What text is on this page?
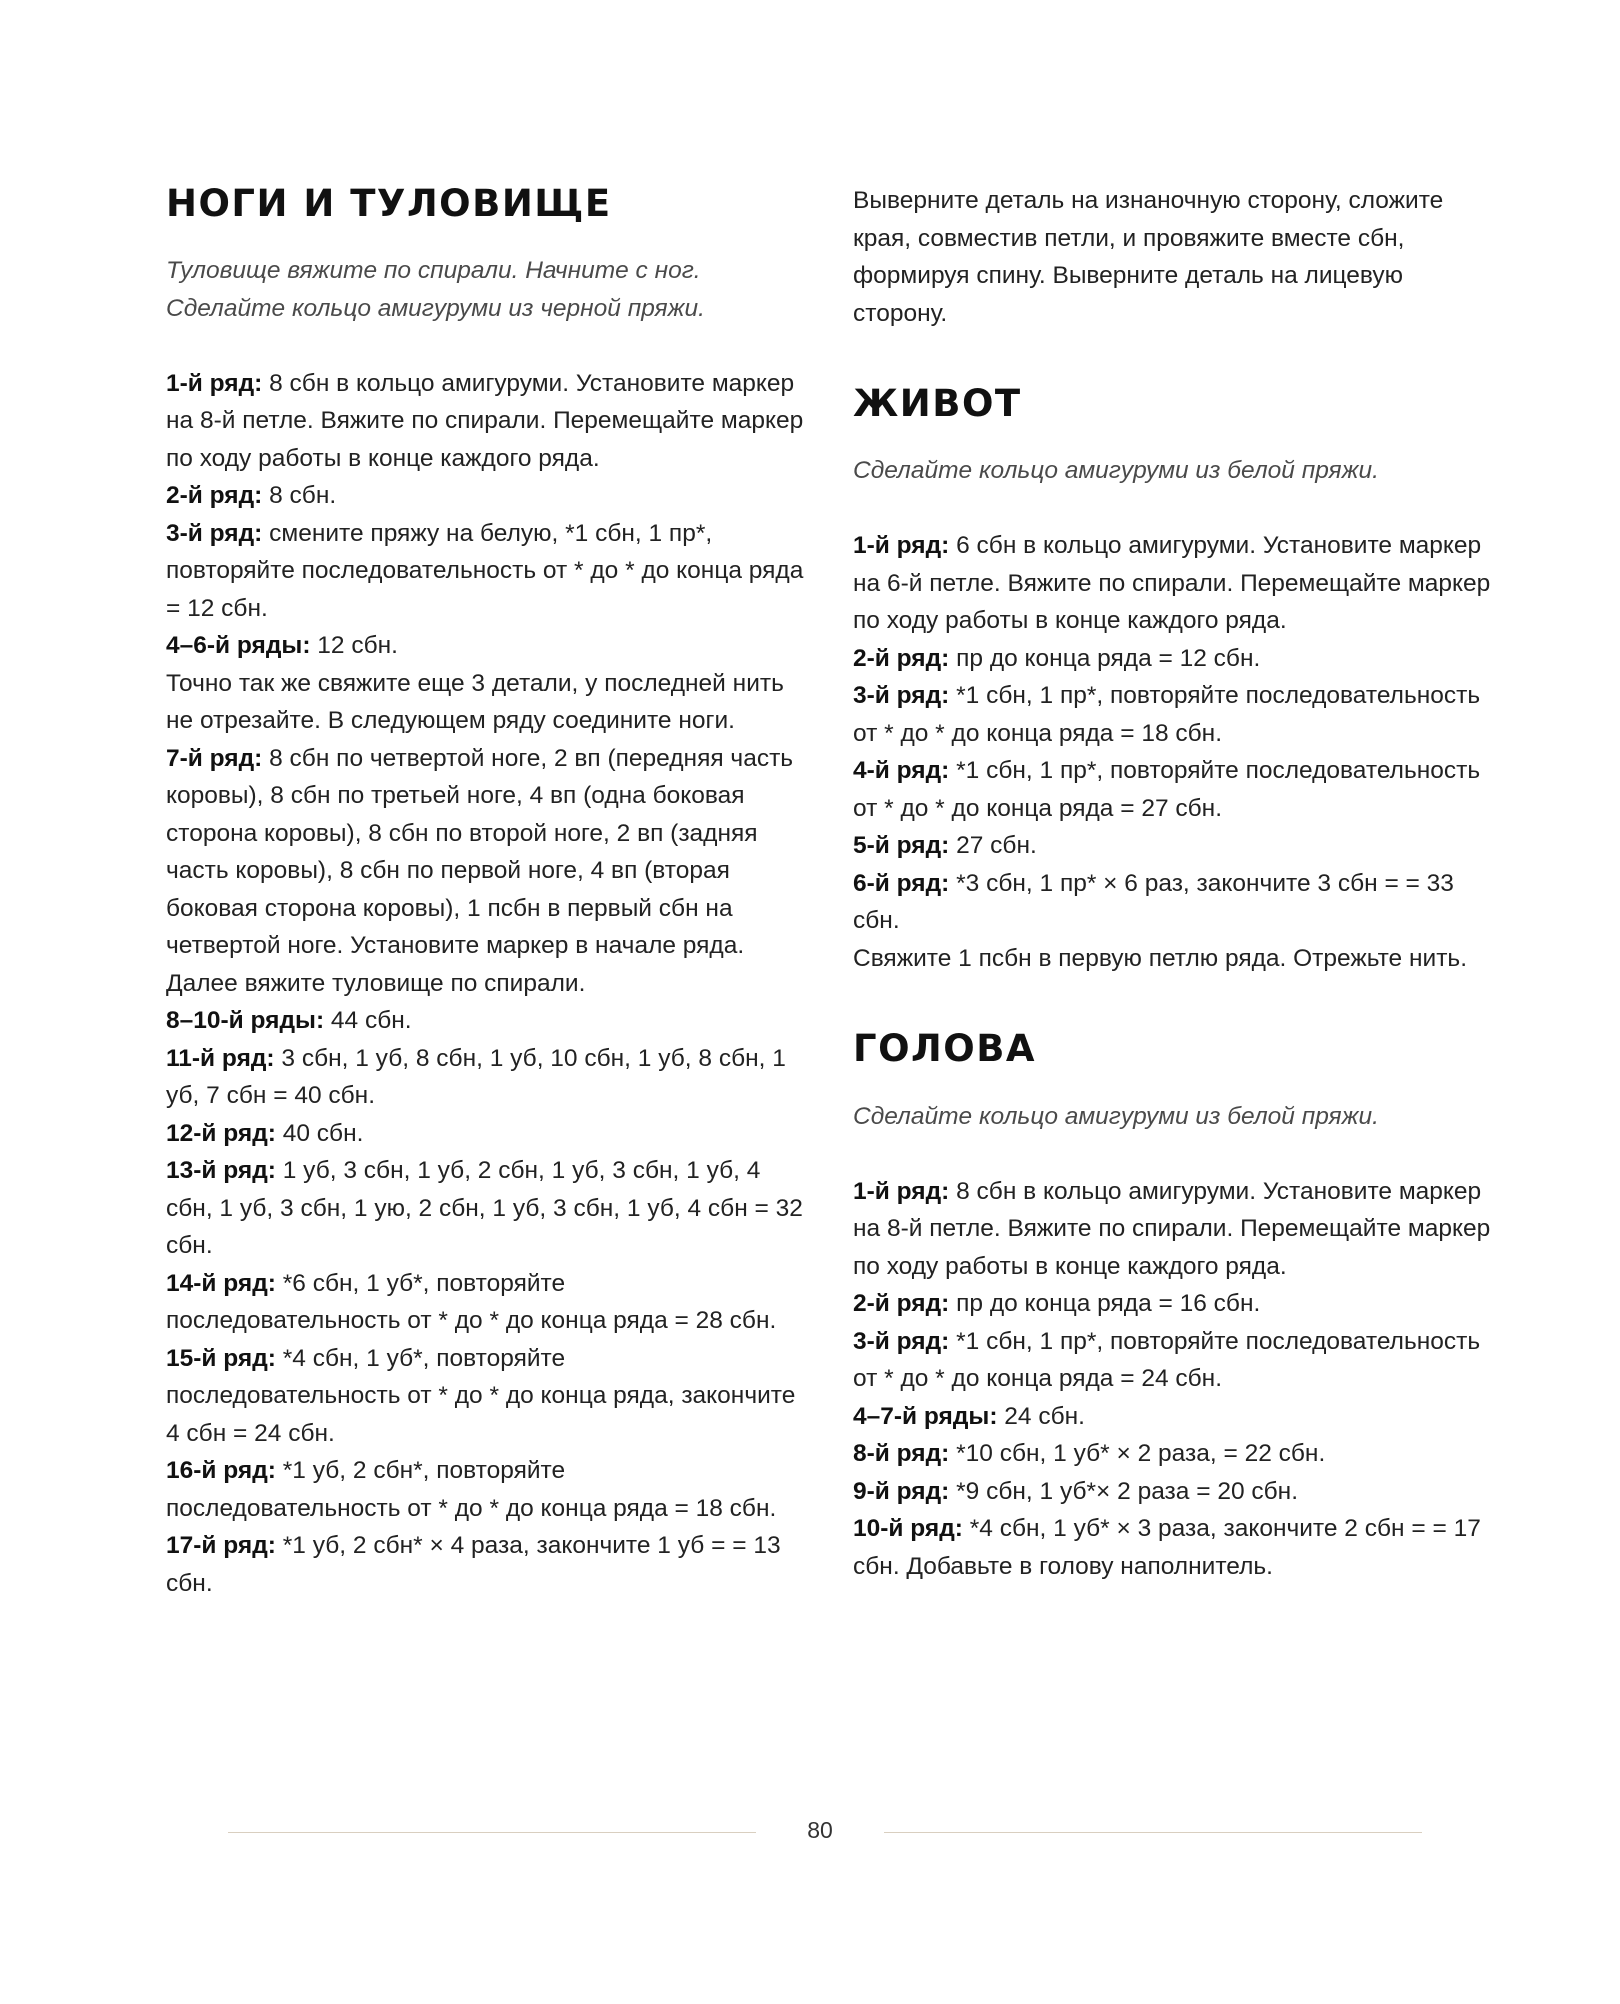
НОГИ И ТУЛОВИЩЕ

Туловище вяжите по спирали. Начните с ног. Сделайте кольцо амигуруми из черной пряжи.

1-й ряд: 8 сбн в кольцо амигуруми. Установите маркер на 8-й петле. Вяжите по спирали. Перемещайте маркер по ходу работы в конце каждого ряда.

2-й ряд: 8 сбн.

3-й ряд: смените пряжу на белую, *1 сбн, 1 пр*, повторяйте последовательность от * до * до конца ряда = 12 сбн.

4–6-й ряды: 12 сбн.

Точно так же свяжите еще 3 детали, у последней нить не отрезайте. В следующем ряду соедините ноги.

7-й ряд: 8 сбн по четвертой ноге, 2 вп (передняя часть коровы), 8 сбн по третьей ноге, 4 вп (одна боковая сторона коровы), 8 сбн по второй ноге, 2 вп (задняя часть коровы), 8 сбн по первой ноге, 4 вп (вторая боковая сторона коровы), 1 псбн в первый сбн на четвертой ноге. Установите маркер в начале ряда. Далее вяжите туловище по спирали.

8–10-й ряды: 44 сбн.

11-й ряд: 3 сбн, 1 уб, 8 сбн, 1 уб, 10 сбн, 1 уб, 8 сбн, 1 уб, 7 сбн = 40 сбн.

12-й ряд: 40 сбн.

13-й ряд: 1 уб, 3 сбн, 1 уб, 2 сбн, 1 уб, 3 сбн, 1 уб, 4 сбн, 1 уб, 3 сбн, 1 ую, 2 сбн, 1 уб, 3 сбн, 1 уб, 4 сбн = 32 сбн.

14-й ряд: *6 сбн, 1 уб*, повторяйте последовательность от * до * до конца ряда = 28 сбн.

15-й ряд: *4 сбн, 1 уб*, повторяйте последовательность от * до * до конца ряда, закончите 4 сбн = 24 сбн.

16-й ряд: *1 уб, 2 сбн*, повторяйте последовательность от * до * до конца ряда = 18 сбн.

17-й ряд: *1 уб, 2 сбн* × 4 раза, закончите 1 уб = = 13 сбн.

Выверните деталь на изнаночную сторону, сложите края, совместив петли, и провяжите вместе сбн, формируя спину. Выверните деталь на лицевую сторону.

ЖИВОТ

Сделайте кольцо амигуруми из белой пряжи.

1-й ряд: 6 сбн в кольцо амигуруми. Установите маркер на 6-й петле. Вяжите по спирали. Перемещайте маркер по ходу работы в конце каждого ряда.

2-й ряд: пр до конца ряда = 12 сбн.

3-й ряд: *1 сбн, 1 пр*, повторяйте последовательность от * до * до конца ряда = 18 сбн.

4-й ряд: *1 сбн, 1 пр*, повторяйте последовательность от * до * до конца ряда = 27 сбн.

5-й ряд: 27 сбн.

6-й ряд: *3 сбн, 1 пр* × 6 раз, закончите 3 сбн = = 33 сбн.

Свяжите 1 псбн в первую петлю ряда. Отрежьте нить.

ГОЛОВА

Сделайте кольцо амигуруми из белой пряжи.

1-й ряд: 8 сбн в кольцо амигуруми. Установите маркер на 8-й петле. Вяжите по спирали. Перемещайте маркер по ходу работы в конце каждого ряда.

2-й ряд: пр до конца ряда = 16 сбн.

3-й ряд: *1 сбн, 1 пр*, повторяйте последовательность от * до * до конца ряда = 24 сбн.

4–7-й ряды: 24 сбн.

8-й ряд: *10 сбн, 1 уб* × 2 раза, = 22 сбн.

9-й ряд: *9 сбн, 1 уб*× 2 раза = 20 сбн.

10-й ряд: *4 сбн, 1 уб* × 3 раза, закончите 2 сбн = = 17 сбн. Добавьте в голову наполнитель.

80
